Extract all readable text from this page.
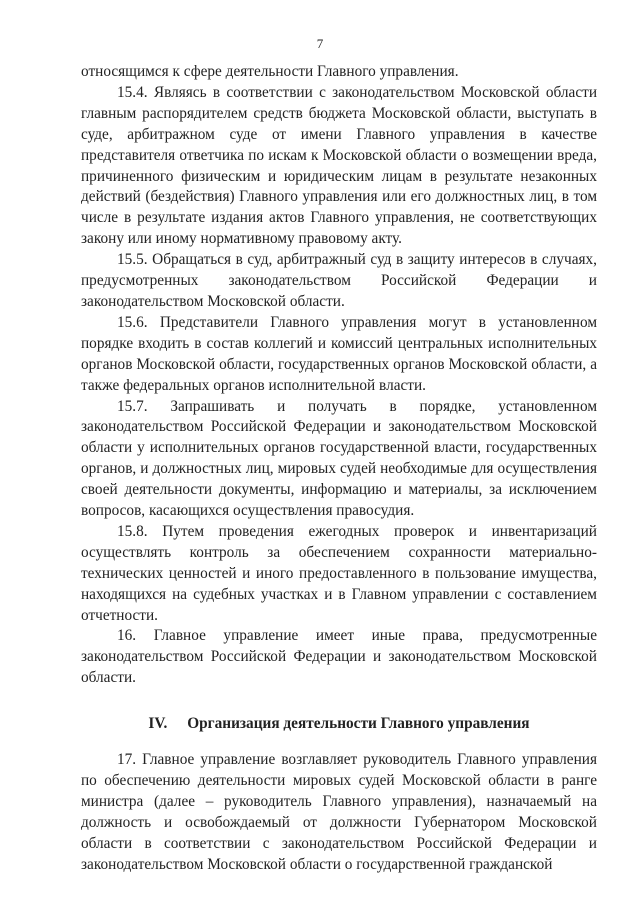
7

относящимся к сфере деятельности Главного управления.

15.4. Являясь в соответствии с законодательством Московской области главным распорядителем средств бюджета Московской области, выступать в суде, арбитражном суде от имени Главного управления в качестве представителя ответчика по искам к Московской области о возмещении вреда, причиненного физическим и юридическим лицам в результате незаконных действий (бездействия) Главного управления или его должностных лиц, в том числе в результате издания актов Главного управления, не соответствующих закону или иному нормативному правовому акту.

15.5. Обращаться в суд, арбитражный суд в защиту интересов в случаях, предусмотренных законодательством Российской Федерации и законодательством Московской области.

15.6. Представители Главного управления могут в установленном порядке входить в состав коллегий и комиссий центральных исполнительных органов Московской области, государственных органов Московской области, а также федеральных органов исполнительной власти.

15.7. Запрашивать и получать в порядке, установленном законодательством Российской Федерации и законодательством Московской области у исполнительных органов государственной власти, государственных органов, и должностных лиц, мировых судей необходимые для осуществления своей деятельности документы, информацию и материалы, за исключением вопросов, касающихся осуществления правосудия.

15.8. Путем проведения ежегодных проверок и инвентаризаций осуществлять контроль за обеспечением сохранности материально-технических ценностей и иного предоставленного в пользование имущества, находящихся на судебных участках и в Главном управлении с составлением отчетности.

16. Главное управление имеет иные права, предусмотренные законодательством Российской Федерации и законодательством Московской области.

IV. Организация деятельности Главного управления

17. Главное управление возглавляет руководитель Главного управления по обеспечению деятельности мировых судей Московской области в ранге министра (далее – руководитель Главного управления), назначаемый на должность и освобождаемый от должности Губернатором Московской области в соответствии с законодательством Российской Федерации и законодательством Московской области о государственной гражданской
